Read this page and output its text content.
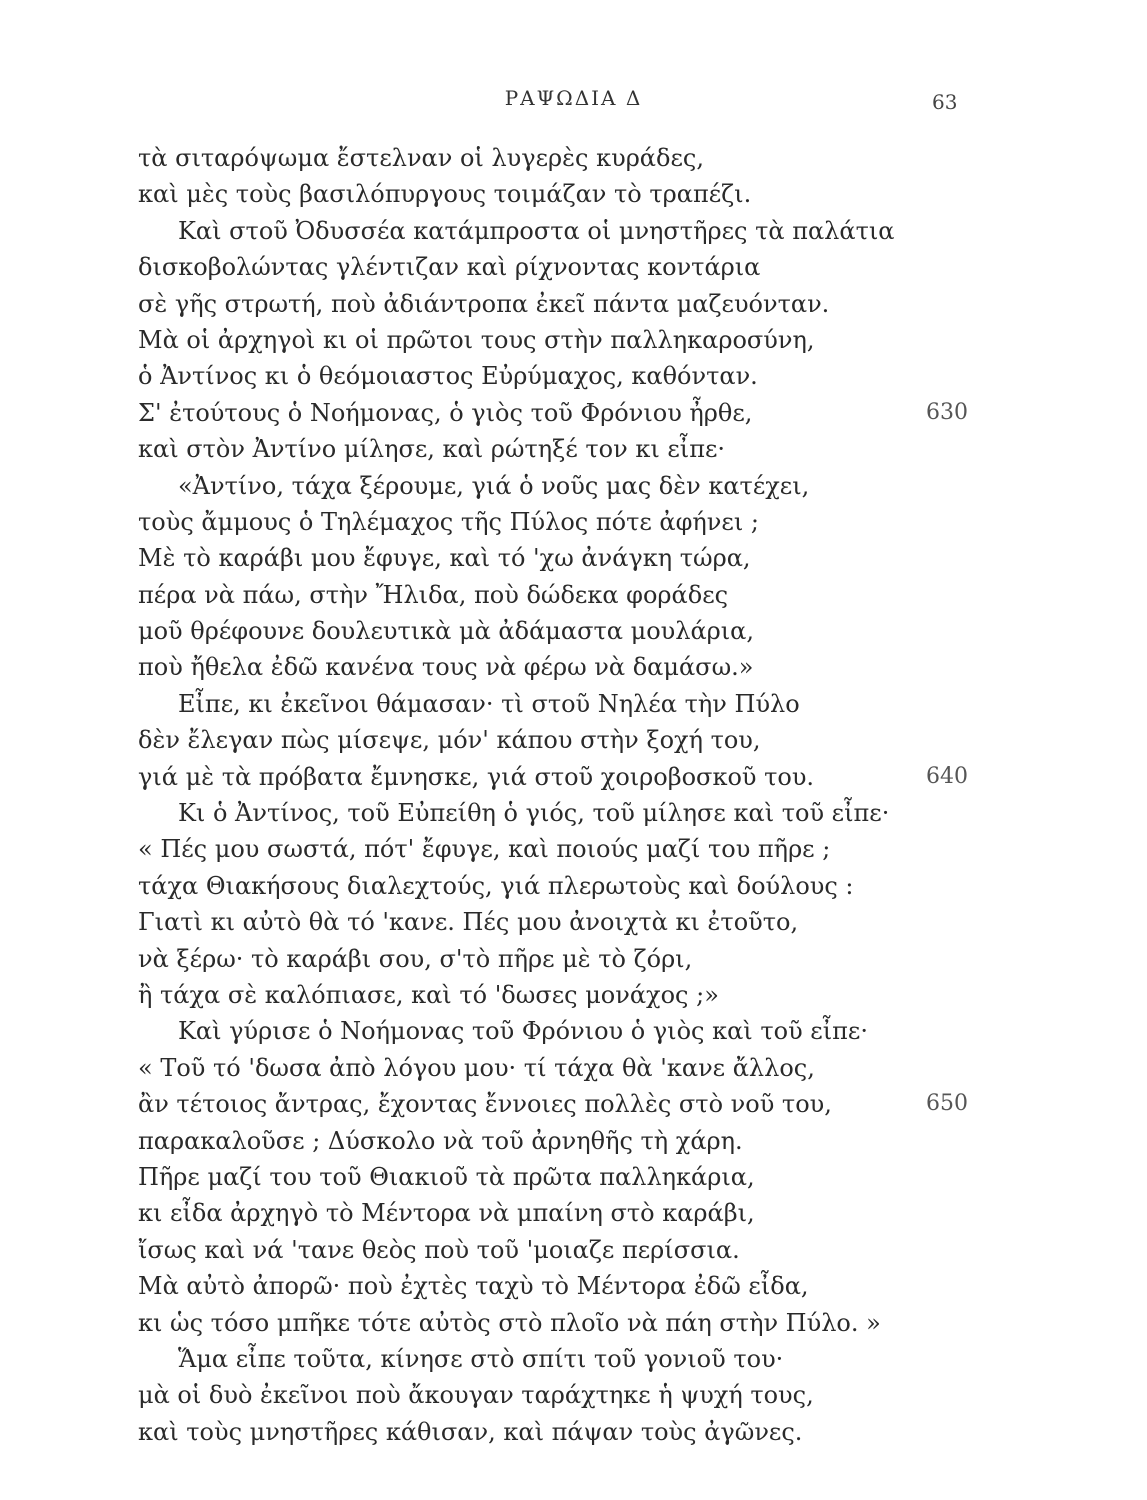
ΡΑΨΩΔΙΑ Δ	63
τὰ σιταρόψωμα ἔστελναν οἱ λυγερὲς κυράδες,
καὶ μὲς τοὺς βασιλόπυργους τοιμάζαν τὸ τραπέζι.
Καὶ στοῦ Ὀδυσσέα κατάμπροστα οἱ μνηστῆρες τὰ παλάτια
δισκοβολώντας γλέντιζαν καὶ ρίχνοντας κοντάρια
σὲ γῆς στρωτή, ποὺ ἀδιάντροπα ἐκεῖ πάντα μαζευόνταν.
Μὰ οἱ ἀρχηγοὶ κι οἱ πρῶτοι τους στὴν παλληκαροσύνη,
ὁ Ἀντίνος κι ὁ θεόμοιαστος Εὐρύμαχος, καθόνταν.
Σ' ἐτούτους ὁ Νοήμονας, ὁ γιὸς τοῦ Φρόνιου ἦρθε,	630
καὶ στὸν Ἀντίνο μίλησε, καὶ ρώτηξέ τον κι εἶπε·
«Ἀντίνο, τάχα ξέρουμε, γιά ὁ νοῦς μας δὲν κατέχει,
τοὺς ἄμμους ὁ Τηλέμαχος τῆς Πύλος πότε ἀφήνει ;
Μὲ τὸ καράβι μου ἔφυγε, καὶ τό 'χω ἀνάγκη τώρα,
πέρα νὰ πάω, στὴν Ἤλιδα, ποὺ δώδεκα φοράδες
μοῦ θρέφουνε δουλευτικὰ μὰ ἀδάμαστα μουλάρια,
ποὺ ἤθελα ἐδῶ κανένα τους νὰ φέρω νὰ δαμάσω.»
Εἶπε, κι ἐκεῖνοι θάμασαν· τὶ στοῦ Νηλέα τὴν Πύλο
δὲν ἔλεγαν πὼς μίσεψε, μόν' κάπου στὴν ξοχή του,
γιά μὲ τὰ πρόβατα ἔμνησκε, γιά στοῦ χοιροβοσκοῦ του.	640
Κι ὁ Ἀντίνος, τοῦ Εὐπείθη ὁ γιός, τοῦ μίλησε καὶ τοῦ εἶπε·
« Πές μου σωστά, πότ' ἔφυγε, καὶ ποιούς μαζί του πῆρε ;
τάχα Θιακήσους διαλεχτούς, γιά πλερωτοὺς καὶ δούλους :
Γιατὶ κι αὐτὸ θὰ τό 'κανε. Πές μου ἀνοιχτὰ κι ἐτοῦτο,
νὰ ξέρω· τὸ καράβι σου, σ'τὸ πῆρε μὲ τὸ ζόρι,
ἢ τάχα σὲ καλόπιασε, καὶ τό 'δωσες μονάχος ;»
Καὶ γύρισε ὁ Νοήμονας τοῦ Φρόνιου ὁ γιὸς καὶ τοῦ εἶπε·
« Τοῦ τό 'δωσα ἀπὸ λόγου μου· τί τάχα θὰ 'κανε ἄλλος,
ἂν τέτοιος ἄντρας, ἔχοντας ἔννοιες πολλὲς στὸ νοῦ του,	650
παρακαλοῦσε ; Δύσκολο νὰ τοῦ ἀρνηθῆς τὴ χάρη.
Πῆρε μαζί του τοῦ Θιακιοῦ τὰ πρῶτα παλληκάρια,
κι εἶδα ἀρχηγὸ τὸ Μέντορα νὰ μπαίνη στὸ καράβι,
ἴσως καὶ νά 'τανε θεὸς ποὺ τοῦ 'μοιαζε περίσσια.
Μὰ αὐτὸ ἀπορῶ· ποὺ ἐχτὲς ταχὺ τὸ Μέντορα ἐδῶ εἶδα,
κι ὡς τόσο μπῆκε τότε αὐτὸς στὸ πλοῖο νὰ πάη στὴν Πύλο. »
Ἅμα εἶπε τοῦτα, κίνησε στὸ σπίτι τοῦ γονιοῦ του·
μὰ οἱ δυὸ ἐκεῖνοι ποὺ ἄκουγαν ταράχτηκε ἡ ψυχή τους,
καὶ τοὺς μνηστῆρες κάθισαν, καὶ πάψαν τοὺς ἀγῶνες.
